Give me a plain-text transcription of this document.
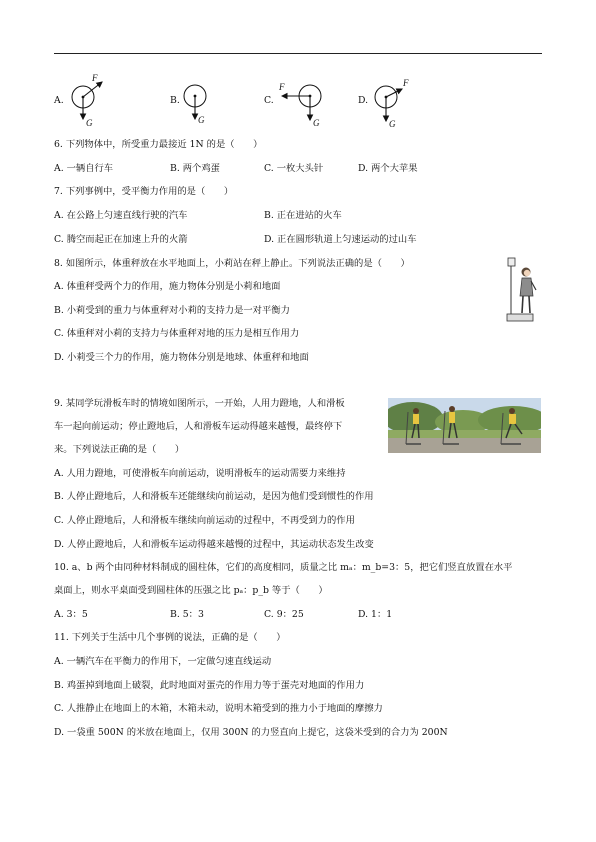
A.
F
G
B.
G
C.
F
G
D.
F
G
6. 下列物体中，所受重力最接近 1N 的是（　　）
A. 一辆自行车	B. 两个鸡蛋	C. 一枚大头针	D. 两个大苹果
7. 下列事例中，受平衡力作用的是（　　）
A. 在公路上匀速直线行驶的汽车	B. 正在进站的火车
C. 腾空而起正在加速上升的火箭	D. 正在圆形轨道上匀速运动的过山车
8. 如图所示，体重秤放在水平地面上，小莉站在秤上静止。下列说法正确的是（　　）
A. 体重秤受两个力的作用，施力物体分别是小莉和地面
B. 小莉受到的重力与体重秤对小莉的支持力是一对平衡力
C. 体重秤对小莉的支持力与体重秤对地的压力是相互作用力
D. 小莉受三个力的作用，施力物体分别是地球、体重秤和地面
9. 某同学玩滑板车时的情境如图所示，一开始，人用力蹬地，人和滑板
车一起向前运动；停止蹬地后，人和滑板车运动得越来越慢，最终停下
来。下列说法正确的是（　　）
A. 人用力蹬地，可使滑板车向前运动，说明滑板车的运动需要力来维持
B. 人停止蹬地后，人和滑板车还能继续向前运动，是因为他们受到惯性的作用
C. 人停止蹬地后，人和滑板车继续向前运动的过程中，不再受到力的作用
D. 人停止蹬地后，人和滑板车运动得越来越慢的过程中，其运动状态发生改变
10. a、b 两个由同种材料制成的圆柱体，它们的高度相同，质量之比 mₐ：m_b=3：5，把它们竖直放置在水平
桌面上，则水平桌面受到圆柱体的压强之比 pₐ：p_b 等于（　　）
A. 3：5	B. 5：3	C. 9：25	D. 1：1
11. 下列关于生活中几个事例的说法，正确的是（　　）
A. 一辆汽车在平衡力的作用下，一定做匀速直线运动
B. 鸡蛋掉到地面上破裂，此时地面对蛋壳的作用力等于蛋壳对地面的作用力
C. 人推静止在地面上的木箱，木箱未动，说明木箱受到的推力小于地面的摩擦力
D. 一袋重 500N 的米放在地面上，仅用 300N 的力竖直向上提它，这袋米受到的合力为 200N
